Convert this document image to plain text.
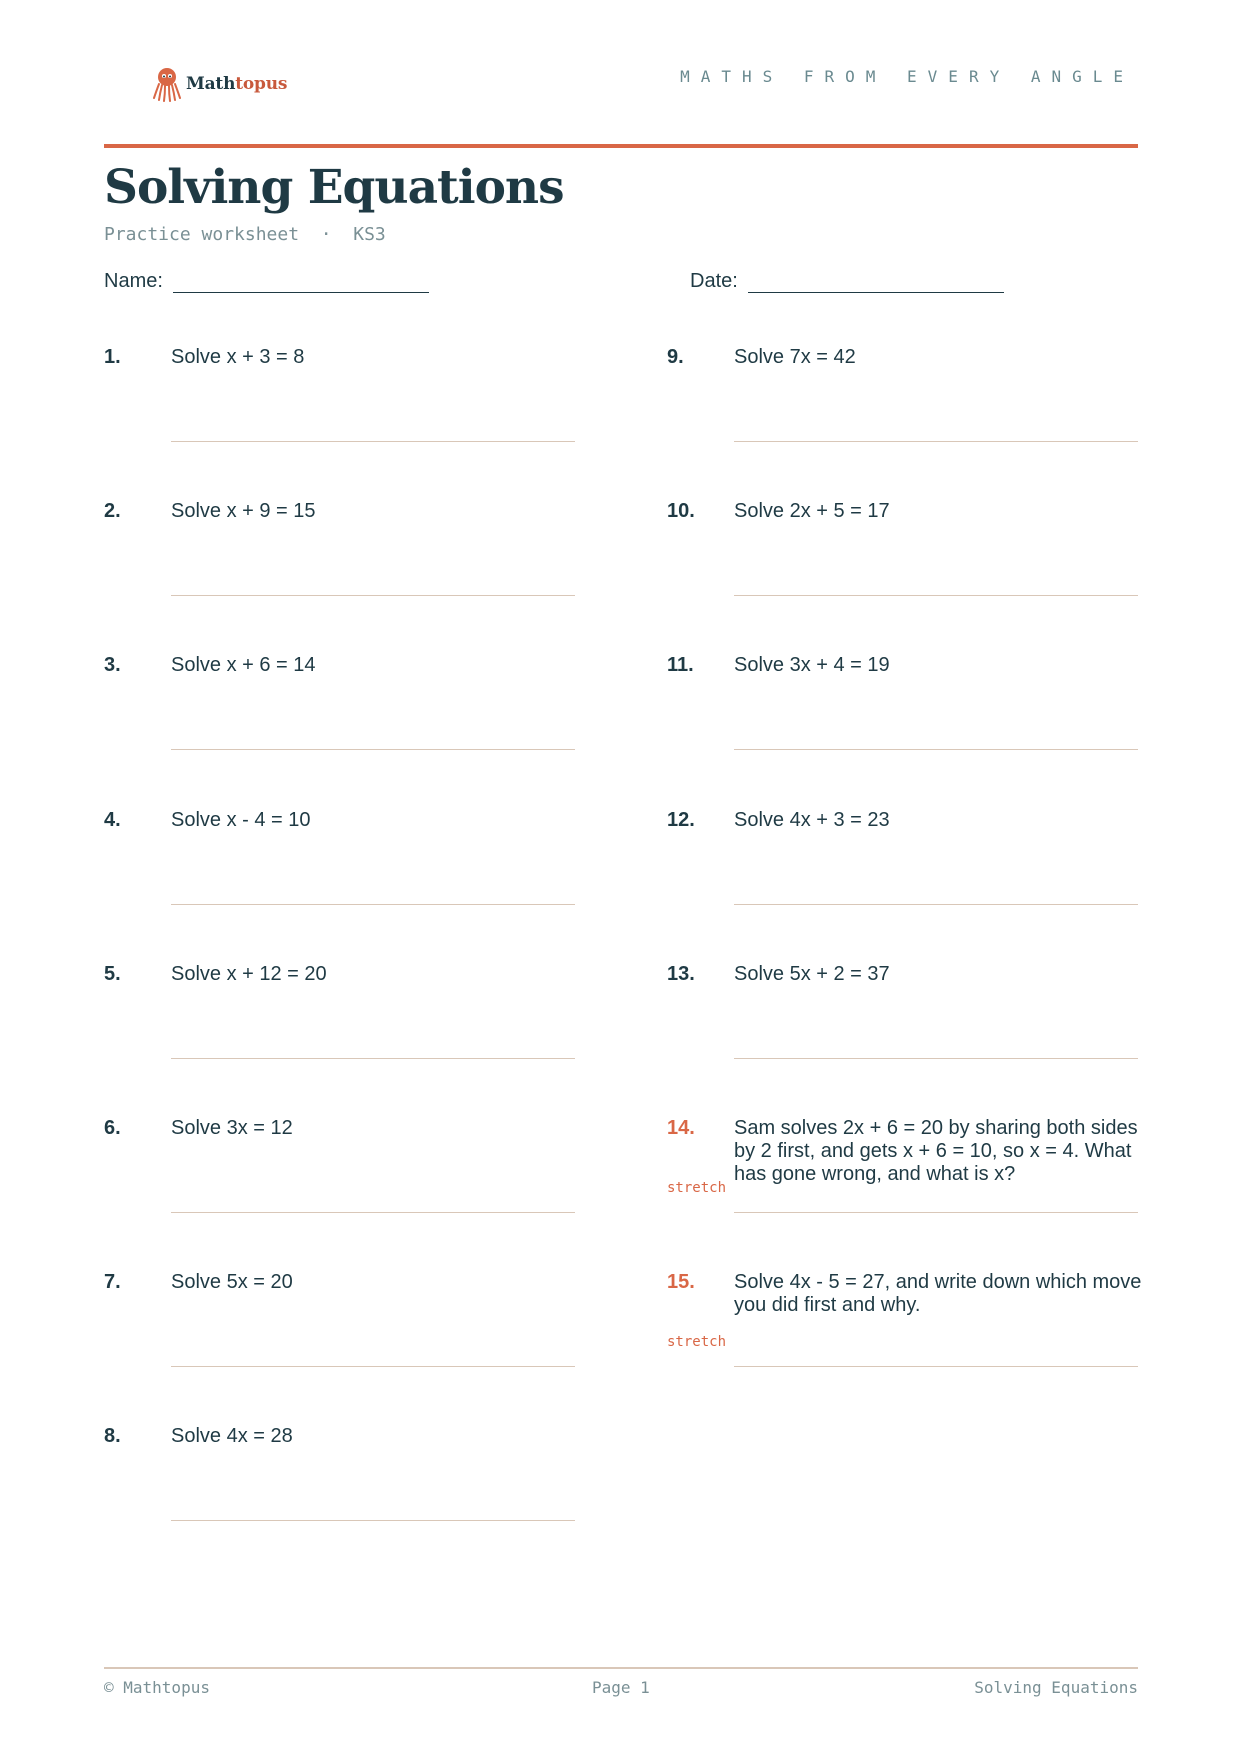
Mathtopus	MATHS FROM EVERY ANGLE
Solving Equations
Practice worksheet  ·  KS3
Name:	Date:
1.	Solve x + 3 = 8
2.	Solve x + 9 = 15
3.	Solve x + 6 = 14
4.	Solve x - 4 = 10
5.	Solve x + 12 = 20
6.	Solve 3x = 12
7.	Solve 5x = 20
8.	Solve 4x = 28
9.	Solve 7x = 42
10. Solve 2x + 5 = 17
11. Solve 3x + 4 = 19
12. Solve 4x + 3 = 23
13. Solve 5x + 2 = 37
14. Sam solves 2x + 6 = 20 by sharing both sides by 2 first, and gets x + 6 = 10, so x = 4. What has gone wrong, and what is x?
stretch
15. Solve 4x - 5 = 27, and write down which move you did first and why.
stretch
© Mathtopus	Page 1	Solving Equations
